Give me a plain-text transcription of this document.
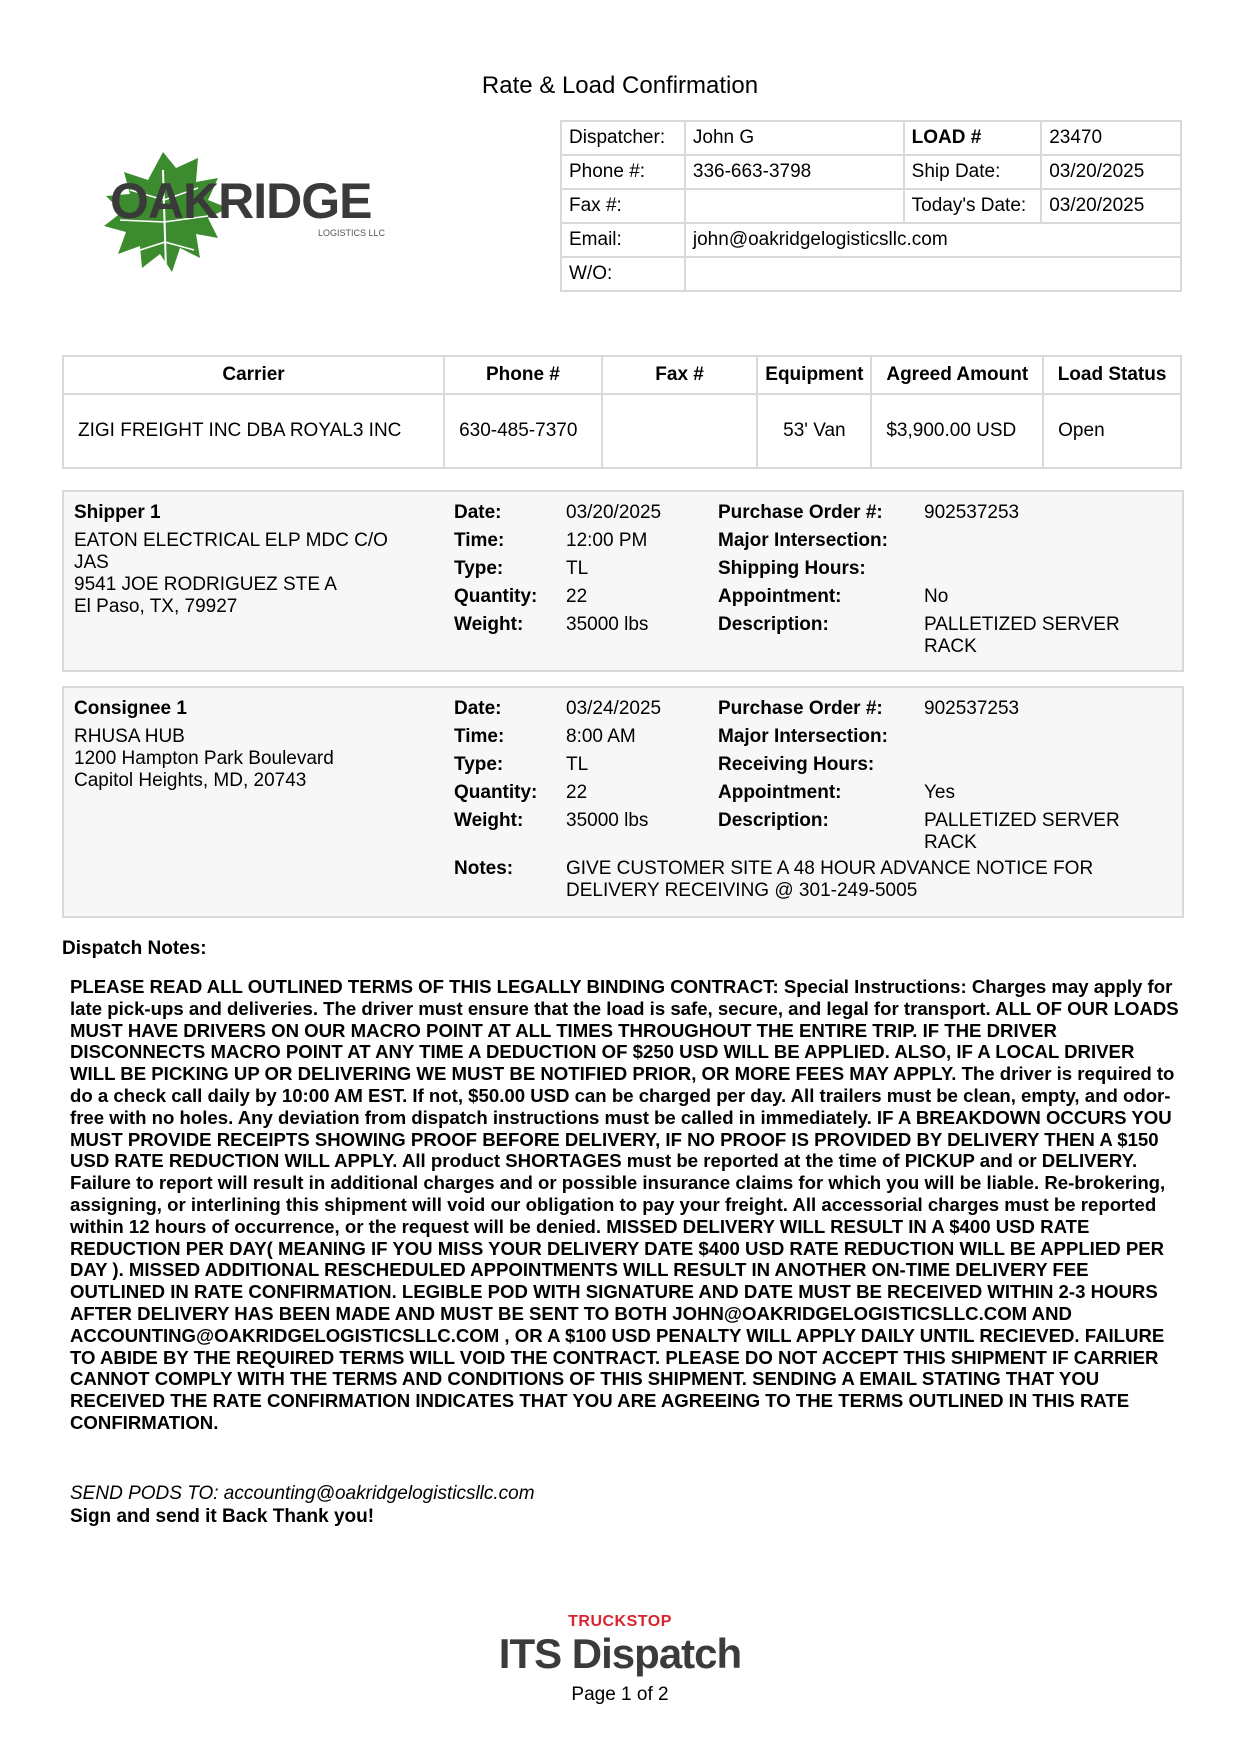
Rate & Load Confirmation
OAKRIDGE
LOGISTICS LLC
Dispatcher:	John G	LOAD #	23470
Phone #:	336-663-3798	Ship Date:	03/20/2025
Fax #:		Today's Date:	03/20/2025
Email:	john@oakridgelogisticsllc.com		
W/O:			
Carrier	Phone #	Fax #	Equipment	Agreed Amount	Load Status
ZIGI FREIGHT INC DBA ROYAL3 INC	630-485-7370		53' Van	$3,900.00 USD	Open
Shipper 1
EATON ELECTRICAL ELP MDC C/O JAS
9541 JOE RODRIGUEZ STE A
El Paso, TX, 79927
Date:	03/20/2025
Time:	12:00 PM
Type:	TL
Quantity: 22
Weight: 35000 lbs
Purchase Order #: 902537253
Major Intersection:
Shipping Hours:
Appointment:	No
Description:	PALLETIZED SERVER RACK
Consignee 1
RHUSA HUB
1200 Hampton Park Boulevard
Capitol Heights, MD, 20743
Date:	03/24/2025
Time:	8:00 AM
Type:	TL
Quantity: 22
Weight: 35000 lbs
Purchase Order #: 902537253
Major Intersection:
Receiving Hours:
Appointment:	Yes
Description:	PALLETIZED SERVER RACK
Notes:	GIVE CUSTOMER SITE A 48 HOUR ADVANCE NOTICE FOR DELIVERY RECEIVING @ 301-249-5005
Dispatch Notes:
PLEASE READ ALL OUTLINED TERMS OF THIS LEGALLY BINDING CONTRACT: Special Instructions: Charges may apply for late pick-ups and deliveries. The driver must ensure that the load is safe, secure, and legal for transport. ALL OF OUR LOADS MUST HAVE DRIVERS ON OUR MACRO POINT AT ALL TIMES THROUGHOUT THE ENTIRE TRIP. IF THE DRIVER DISCONNECTS MACRO POINT AT ANY TIME A DEDUCTION OF $250 USD WILL BE APPLIED. ALSO, IF A LOCAL DRIVER WILL BE PICKING UP OR DELIVERING WE MUST BE NOTIFIED PRIOR, OR MORE FEES MAY APPLY. The driver is required to do a check call daily by 10:00 AM EST. If not, $50.00 USD can be charged per day. All trailers must be clean, empty, and odor-free with no holes. Any deviation from dispatch instructions must be called in immediately. IF A BREAKDOWN OCCURS YOU MUST PROVIDE RECEIPTS SHOWING PROOF BEFORE DELIVERY, IF NO PROOF IS PROVIDED BY DELIVERY THEN A $150 USD RATE REDUCTION WILL APPLY. All product SHORTAGES must be reported at the time of PICKUP and or DELIVERY. Failure to report will result in additional charges and or possible insurance claims for which you will be liable. Re-brokering, assigning, or interlining this shipment will void our obligation to pay your freight. All accessorial charges must be reported within 12 hours of occurrence, or the request will be denied. MISSED DELIVERY WILL RESULT IN A $400 USD RATE REDUCTION PER DAY( MEANING IF YOU MISS YOUR DELIVERY DATE $400 USD RATE REDUCTION WILL BE APPLIED PER DAY ). MISSED ADDITIONAL RESCHEDULED APPOINTMENTS WILL RESULT IN ANOTHER ON-TIME DELIVERY FEE OUTLINED IN RATE CONFIRMATION. LEGIBLE POD WITH SIGNATURE AND DATE MUST BE RECEIVED WITHIN 2-3 HOURS AFTER DELIVERY HAS BEEN MADE AND MUST BE SENT TO BOTH JOHN@OAKRIDGELOGISTICSLLC.COM AND ACCOUNTING@OAKRIDGELOGISTICSLLC.COM , OR A $100 USD PENALTY WILL APPLY DAILY UNTIL RECIEVED. FAILURE TO ABIDE BY THE REQUIRED TERMS WILL VOID THE CONTRACT. PLEASE DO NOT ACCEPT THIS SHIPMENT IF CARRIER CANNOT COMPLY WITH THE TERMS AND CONDITIONS OF THIS SHIPMENT. SENDING A EMAIL STATING THAT YOU RECEIVED THE RATE CONFIRMATION INDICATES THAT YOU ARE AGREEING TO THE TERMS OUTLINED IN THIS RATE CONFIRMATION.
SEND PODS TO: accounting@oakridgelogisticsllc.com
Sign and send it Back Thank you!
TRUCKSTOP
ITS Dispatch
Page 1 of 2
